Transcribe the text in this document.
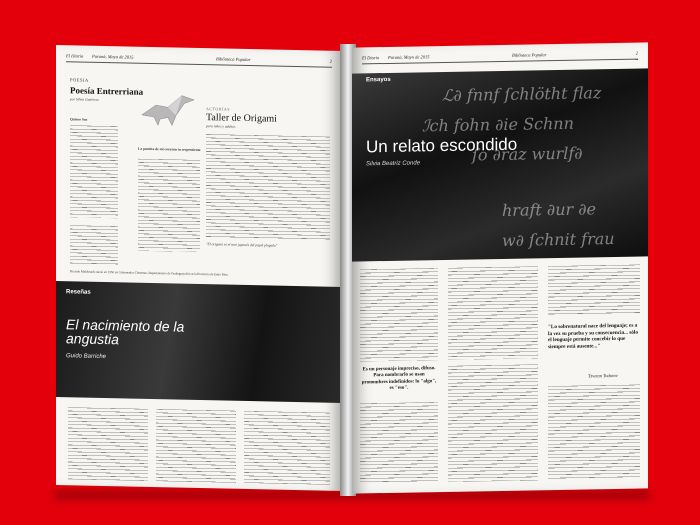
El Diario Paraná, Mayo de 2015	Biblioteca Popular	2
POESIA
Poesía Entrerriana
por Silvia Gutiérrez
Quince Sus
La puntita de mi corazón tu serpentiente
Ricardo Maldonado nació en 1950 en Gobernador Clemente, Departamento de Gualeguaychú en la Provincia de Entre Ríos.
ACTORÍAS
Taller de Origami
para niños y adultos
"El origami es el arte japonés del papel plegado"
Reseñas
El nacimiento de la angustia
Guido Barriche
El Diario Paraná, Mayo de 2015	Biblioteca Popular	2
ℒ∂ fnnf ſchlötht flaz
ℐch fohn ∂ie Schnn
ſo ∂raz wurlf∂
hraft ∂ur ∂e
w∂ ſchnit frau
Ensayos
Un relato escondido
Silvia Beatriz Conde
Es un personaje impreciso, difuso. Para nombrarlo se usan pronombres indefinidos: lo "algo", es "eso".
"Lo sobrenatural nace del lenguaje; es a la vez su prueba y su consecuencia... sólo el lenguaje permite concebir lo que siempre está ausente..."
Tzvetan Todorov
